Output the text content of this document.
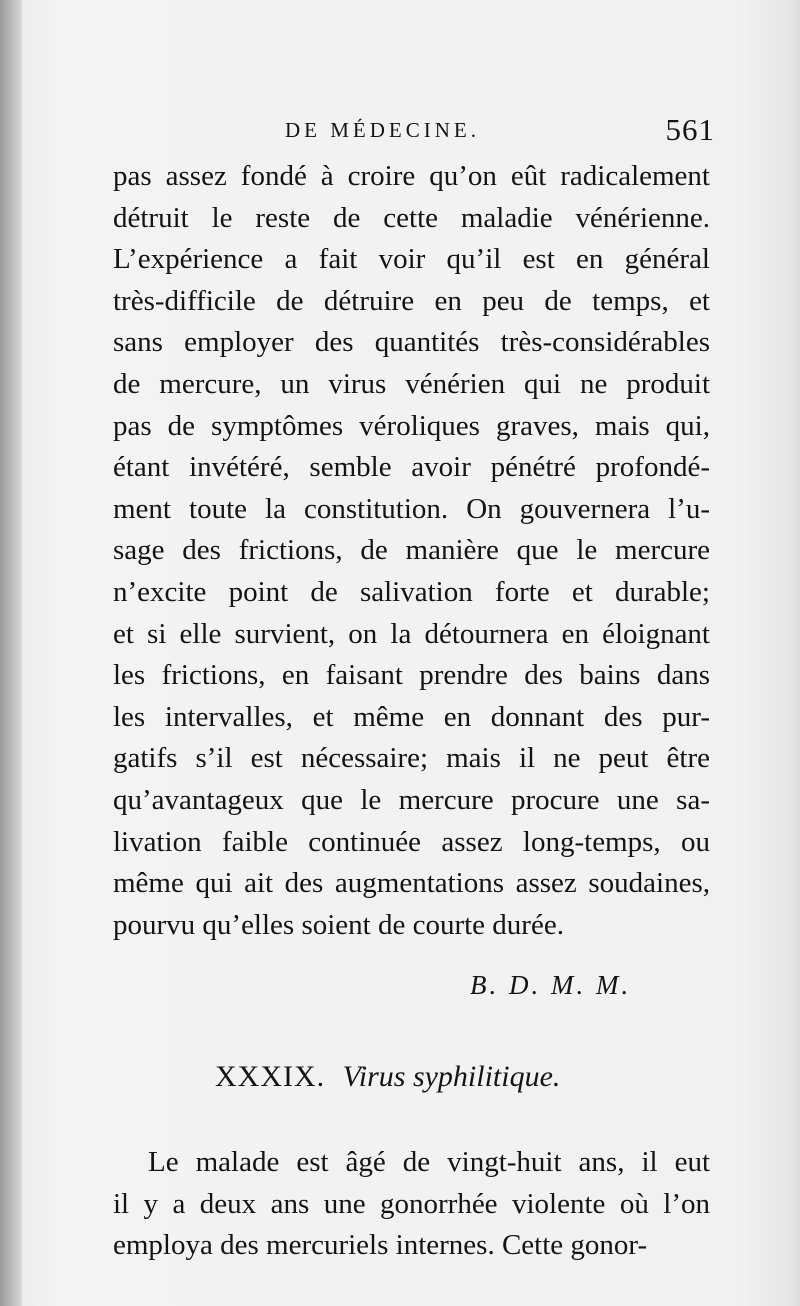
DE MÉDECINE.	561
pas assez fondé à croire qu’on eût radicalement
détruit le reste de cette maladie vénérienne.
L’expérience a fait voir qu’il est en général
très-difficile de détruire en peu de temps, et
sans employer des quantités très-considérables
de mercure, un virus vénérien qui ne produit
pas de symptômes véroliques graves, mais qui,
étant invétéré, semble avoir pénétré profondé-
ment toute la constitution. On gouvernera l’u-
sage des frictions, de manière que le mercure
n’excite point de salivation forte et durable;
et si elle survient, on la détournera en éloignant
les frictions, en faisant prendre des bains dans
les intervalles, et même en donnant des pur-
gatifs s’il est nécessaire; mais il ne peut être
qu’avantageux que le mercure procure une sa-
livation faible continuée assez long-temps, ou
même qui ait des augmentations assez soudaines,
pourvu qu’elles soient de courte durée.
B. D. M. M.
XXXIX. Virus syphilitique.
Le malade est âgé de vingt-huit ans, il eut
il y a deux ans une gonorrhée violente où l’on
employa des mercuriels internes. Cette gonor-
